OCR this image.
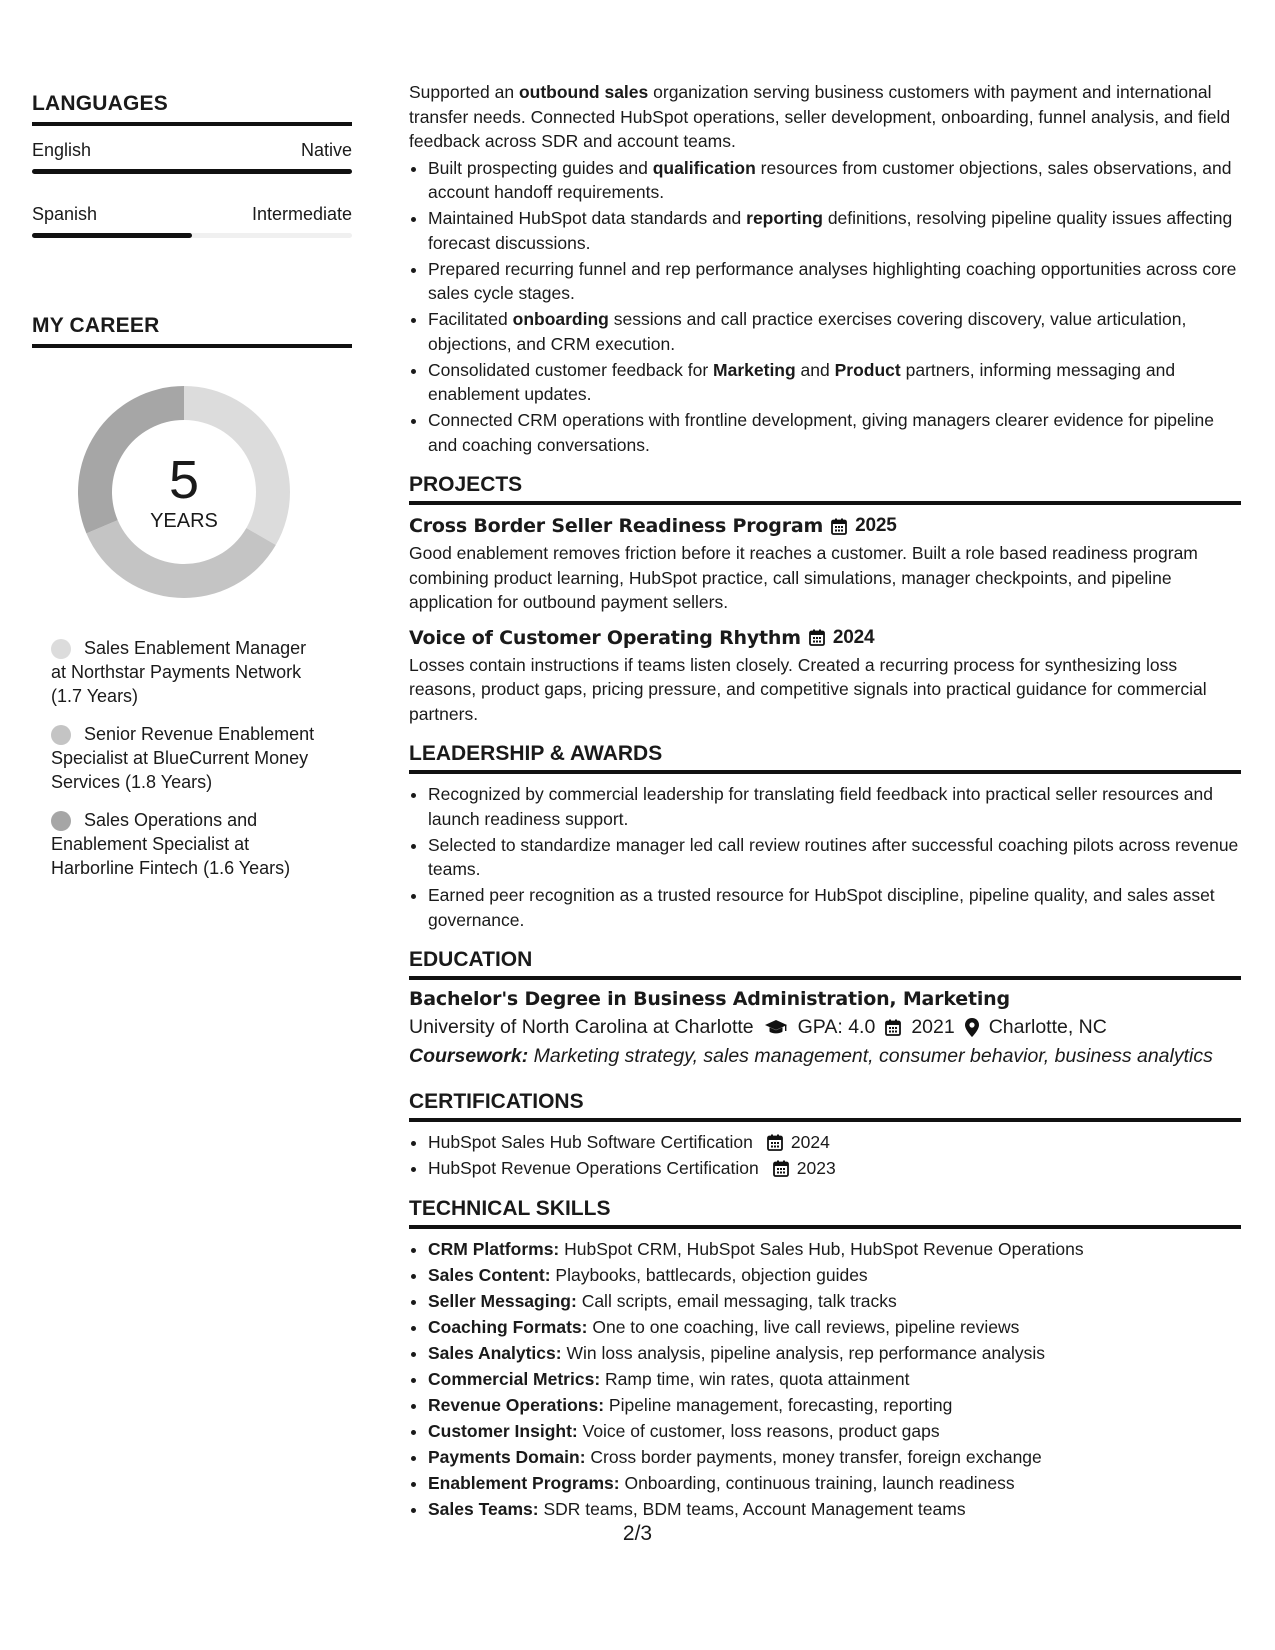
LANGUAGES
English	Native
Spanish	Intermediate
MY CAREER
5
YEARS
Sales Enablement Manager at Northstar Payments Network (1.7 Years)
Senior Revenue Enablement Specialist at BlueCurrent Money Services (1.8 Years)
Sales Operations and Enablement Specialist at Harborline Fintech (1.6 Years)

Supported an outbound sales organization serving business customers with payment and international transfer needs. Connected HubSpot operations, seller development, onboarding, funnel analysis, and field feedback across SDR and account teams.

• Built prospecting guides and qualification resources from customer objections, sales observations, and account handoff requirements.
• Maintained HubSpot data standards and reporting definitions, resolving pipeline quality issues affecting forecast discussions.
• Prepared recurring funnel and rep performance analyses highlighting coaching opportunities across core sales cycle stages.
• Facilitated onboarding sessions and call practice exercises covering discovery, value articulation, objections, and CRM execution.
• Consolidated customer feedback for Marketing and Product partners, informing messaging and enablement updates.
• Connected CRM operations with frontline development, giving managers clearer evidence for pipeline and coaching conversations.
PROJECTS
Cross Border Seller Readiness Program 2025

Good enablement removes friction before it reaches a customer. Built a role based readiness program combining product learning, HubSpot practice, call simulations, manager checkpoints, and pipeline application for outbound payment sellers.

Voice of Customer Operating Rhythm 2024

Losses contain instructions if teams listen closely. Created a recurring process for synthesizing loss reasons, product gaps, pricing pressure, and competitive signals into practical guidance for commercial partners.

LEADERSHIP & AWARDS
• Recognized by commercial leadership for translating field feedback into practical seller resources and launch readiness support.
• Selected to standardize manager led call review routines after successful coaching pilots across revenue teams.
• Earned peer recognition as a trusted resource for HubSpot discipline, pipeline quality, and sales asset governance.
EDUCATION
Bachelor's Degree in Business Administration, Marketing
University of North Carolina at Charlotte GPA: 4.0 2021 Charlotte, NC
Coursework: Marketing strategy, sales management, consumer behavior, business analytics
CERTIFICATIONS
• HubSpot Sales Hub Software Certification 2024
• HubSpot Revenue Operations Certification 2023
TECHNICAL SKILLS
• CRM Platforms: HubSpot CRM, HubSpot Sales Hub, HubSpot Revenue Operations
• Sales Content: Playbooks, battlecards, objection guides
• Seller Messaging: Call scripts, email messaging, talk tracks
• Coaching Formats: One to one coaching, live call reviews, pipeline reviews
• Sales Analytics: Win loss analysis, pipeline analysis, rep performance analysis
• Commercial Metrics: Ramp time, win rates, quota attainment
• Revenue Operations: Pipeline management, forecasting, reporting
• Customer Insight: Voice of customer, loss reasons, product gaps
• Payments Domain: Cross border payments, money transfer, foreign exchange
• Enablement Programs: Onboarding, continuous training, launch readiness
• Sales Teams: SDR teams, BDM teams, Account Management teams
2/3
